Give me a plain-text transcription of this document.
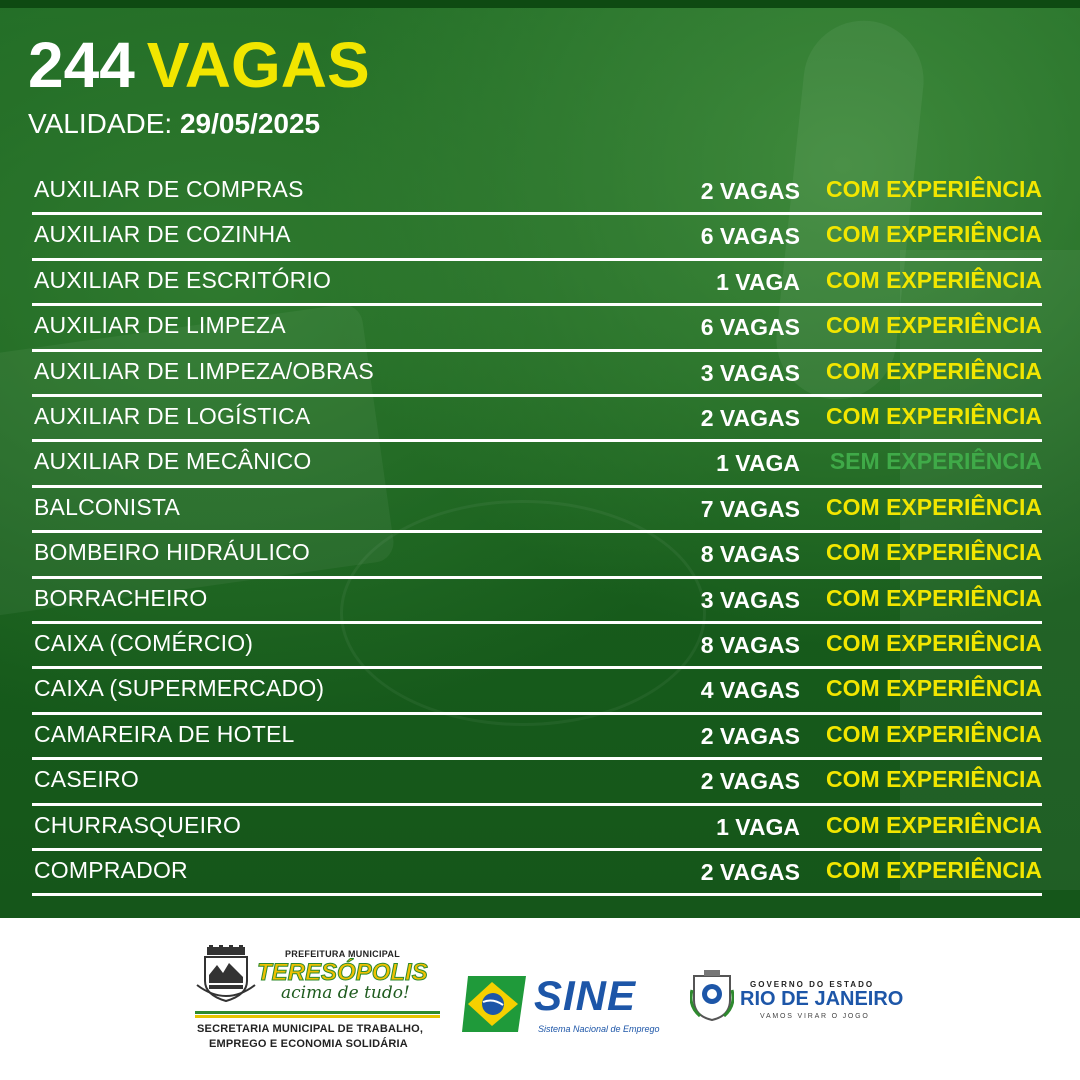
244 VAGAS
VALIDADE: 29/05/2025
AUXILIAR DE COMPRAS	2 VAGAS COM EXPERIÊNCIA
AUXILIAR DE COZINHA	6 VAGAS COM EXPERIÊNCIA
AUXILIAR DE ESCRITÓRIO	1 VAGA COM EXPERIÊNCIA
AUXILIAR DE LIMPEZA	6 VAGAS COM EXPERIÊNCIA
AUXILIAR DE LIMPEZA/OBRAS	3 VAGAS COM EXPERIÊNCIA
AUXILIAR DE LOGÍSTICA	2 VAGAS COM EXPERIÊNCIA
AUXILIAR DE MECÂNICO	1 VAGA SEM EXPERIÊNCIA
BALCONISTA	7 VAGAS COM EXPERIÊNCIA
BOMBEIRO HIDRÁULICO	8 VAGAS COM EXPERIÊNCIA
BORRACHEIRO	3 VAGAS COM EXPERIÊNCIA
CAIXA (COMÉRCIO)	8 VAGAS COM EXPERIÊNCIA
CAIXA (SUPERMERCADO)	4 VAGAS COM EXPERIÊNCIA
CAMAREIRA DE HOTEL	2 VAGAS COM EXPERIÊNCIA
CASEIRO	2 VAGAS COM EXPERIÊNCIA
CHURRASQUEIRO	1 VAGA COM EXPERIÊNCIA
COMPRADOR	2 VAGAS COM EXPERIÊNCIA
PREFEITURA MUNICIPAL
TERESÓPOLIS
acima de tudo!
SECRETARIA MUNICIPAL DE TRABALHO,
EMPREGO E ECONOMIA SOLIDÁRIA
SINE
Sistema Nacional de Emprego
GOVERNO DO ESTADO
RIO DE JANEIRO
VAMOS VIRAR O JOGO
